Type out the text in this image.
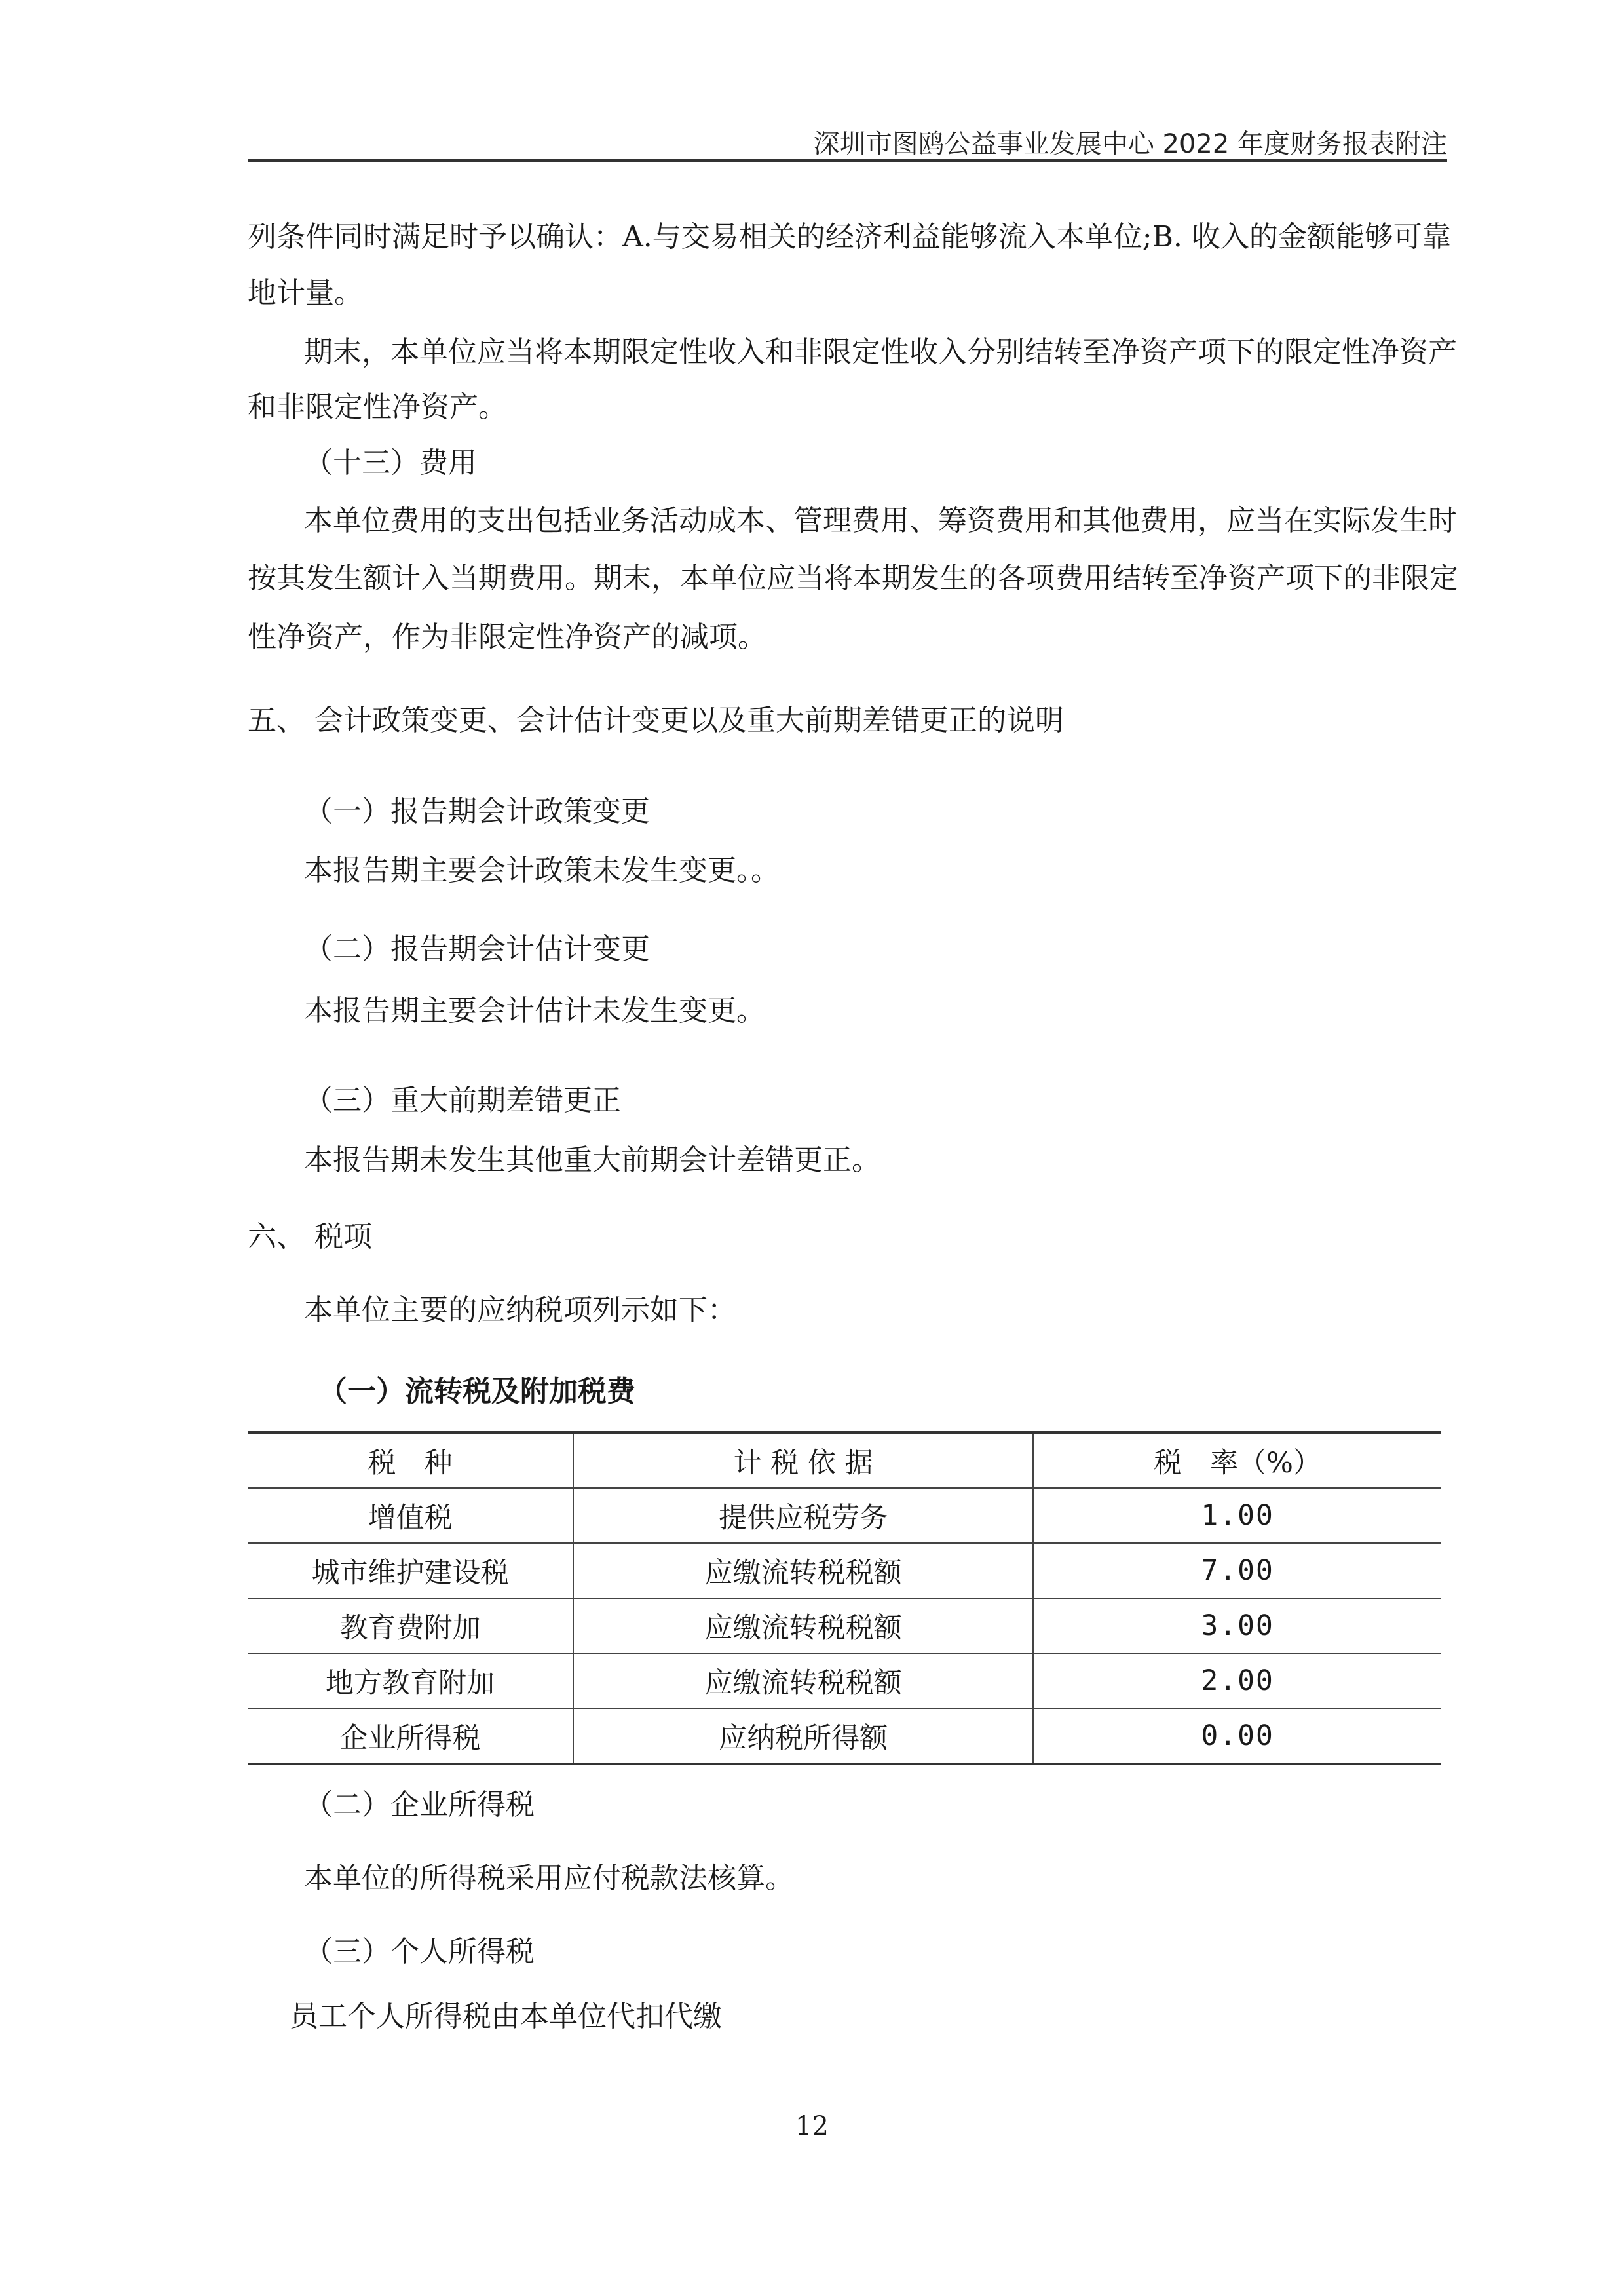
深圳市图鸥公益事业发展中心 2022 年度财务报表附注
列条件同时满足时予以确认：A.与交易相关的经济利益能够流入本单位;B. 收入的金额能够可靠
地计量。
期末，本单位应当将本期限定性收入和非限定性收入分别结转至净资产项下的限定性净资产
和非限定性净资产。
（十三）费用
本单位费用的支出包括业务活动成本、管理费用、筹资费用和其他费用，应当在实际发生时
按其发生额计入当期费用。期末，本单位应当将本期发生的各项费用结转至净资产项下的非限定
性净资产，作为非限定性净资产的减项。
五、 会计政策变更、会计估计变更以及重大前期差错更正的说明
（一）报告期会计政策变更
本报告期主要会计政策未发生变更。。
（二）报告期会计估计变更
本报告期主要会计估计未发生变更。
（三）重大前期差错更正
本报告期未发生其他重大前期会计差错更正。
六、 税项
本单位主要的应纳税项列示如下：
（一）流转税及附加税费
税　种	计 税 依 据	税　率（%）
增值税	提供应税劳务	1.00
城市维护建设税	应缴流转税税额	7.00
教育费附加	应缴流转税税额	3.00
地方教育附加	应缴流转税税额	2.00
企业所得税	应纳税所得额	0.00
（二）企业所得税
本单位的所得税采用应付税款法核算。
（三）个人所得税
员工个人所得税由本单位代扣代缴
12
